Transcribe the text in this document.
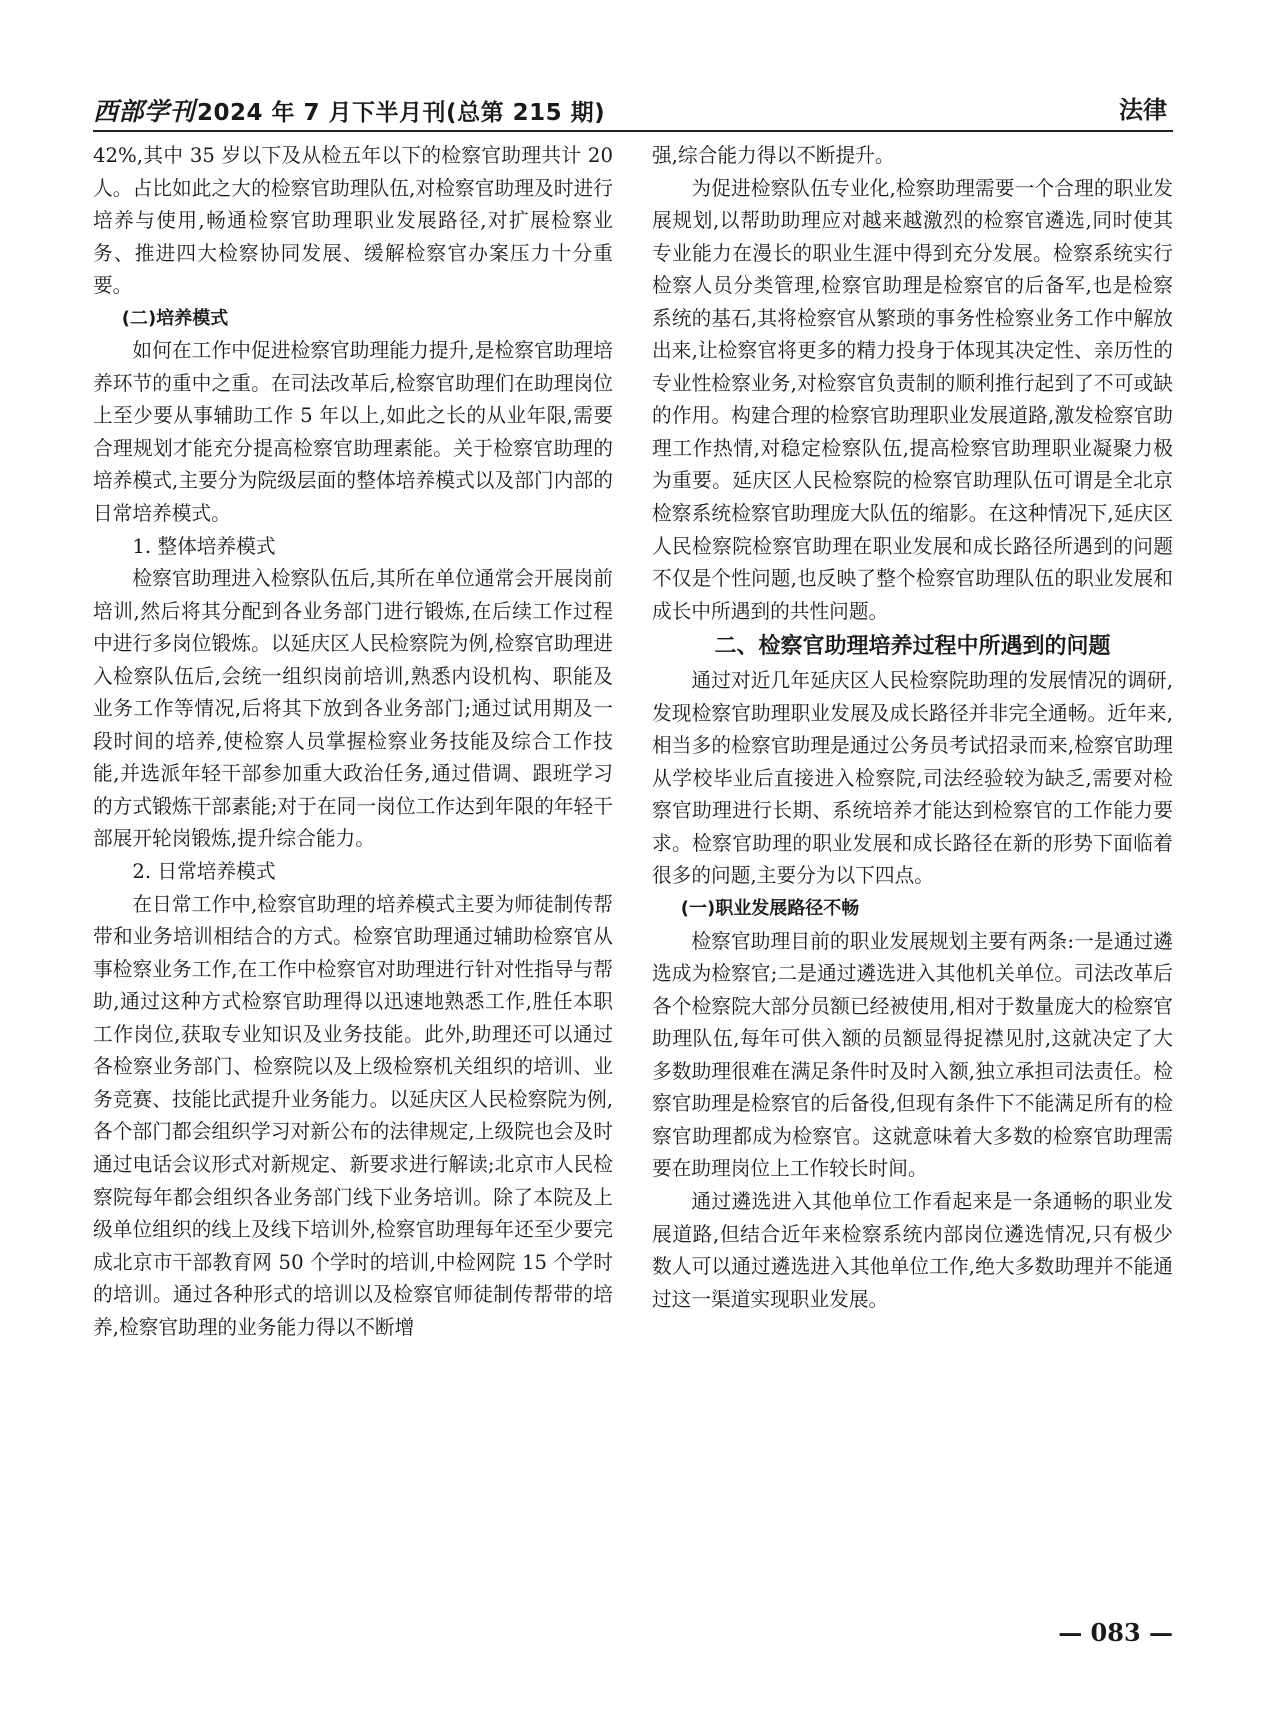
西部学刊2024 年 7 月下半月刊(总第 215 期)	法律

42%,其中 35 岁以下及从检五年以下的检察官助理共计 20 人。占比如此之大的检察官助理队伍,对检察官助理及时进行培养与使用,畅通检察官助理职业发展路径,对扩展检察业务、推进四大检察协同发展、缓解检察官办案压力十分重要。

(二)培养模式

如何在工作中促进检察官助理能力提升,是检察官助理培养环节的重中之重。在司法改革后,检察官助理们在助理岗位上至少要从事辅助工作 5 年以上,如此之长的从业年限,需要合理规划才能充分提高检察官助理素能。关于检察官助理的培养模式,主要分为院级层面的整体培养模式以及部门内部的日常培养模式。

1. 整体培养模式

检察官助理进入检察队伍后,其所在单位通常会开展岗前培训,然后将其分配到各业务部门进行锻炼,在后续工作过程中进行多岗位锻炼。以延庆区人民检察院为例,检察官助理进入检察队伍后,会统一组织岗前培训,熟悉内设机构、职能及业务工作等情况,后将其下放到各业务部门;通过试用期及一段时间的培养,使检察人员掌握检察业务技能及综合工作技能,并选派年轻干部参加重大政治任务,通过借调、跟班学习的方式锻炼干部素能;对于在同一岗位工作达到年限的年轻干部展开轮岗锻炼,提升综合能力。

2. 日常培养模式

在日常工作中,检察官助理的培养模式主要为师徒制传帮带和业务培训相结合的方式。检察官助理通过辅助检察官从事检察业务工作,在工作中检察官对助理进行针对性指导与帮助,通过这种方式检察官助理得以迅速地熟悉工作,胜任本职工作岗位,获取专业知识及业务技能。此外,助理还可以通过各检察业务部门、检察院以及上级检察机关组织的培训、业务竞赛、技能比武提升业务能力。以延庆区人民检察院为例,各个部门都会组织学习对新公布的法律规定,上级院也会及时通过电话会议形式对新规定、新要求进行解读;北京市人民检察院每年都会组织各业务部门线下业务培训。除了本院及上级单位组织的线上及线下培训外,检察官助理每年还至少要完成北京市干部教育网 50 个学时的培训,中检网院 15 个学时的培训。通过各种形式的培训以及检察官师徒制传帮带的培养,检察官助理的业务能力得以不断增

强,综合能力得以不断提升。

为促进检察队伍专业化,检察助理需要一个合理的职业发展规划,以帮助助理应对越来越激烈的检察官遴选,同时使其专业能力在漫长的职业生涯中得到充分发展。检察系统实行检察人员分类管理,检察官助理是检察官的后备军,也是检察系统的基石,其将检察官从繁琐的事务性检察业务工作中解放出来,让检察官将更多的精力投身于体现其决定性、亲历性的专业性检察业务,对检察官负责制的顺利推行起到了不可或缺的作用。构建合理的检察官助理职业发展道路,激发检察官助理工作热情,对稳定检察队伍,提高检察官助理职业凝聚力极为重要。延庆区人民检察院的检察官助理队伍可谓是全北京检察系统检察官助理庞大队伍的缩影。在这种情况下,延庆区人民检察院检察官助理在职业发展和成长路径所遇到的问题不仅是个性问题,也反映了整个检察官助理队伍的职业发展和成长中所遇到的共性问题。

二、检察官助理培养过程中所遇到的问题

通过对近几年延庆区人民检察院助理的发展情况的调研,发现检察官助理职业发展及成长路径并非完全通畅。近年来,相当多的检察官助理是通过公务员考试招录而来,检察官助理从学校毕业后直接进入检察院,司法经验较为缺乏,需要对检察官助理进行长期、系统培养才能达到检察官的工作能力要求。检察官助理的职业发展和成长路径在新的形势下面临着很多的问题,主要分为以下四点。

(一)职业发展路径不畅

检察官助理目前的职业发展规划主要有两条:一是通过遴选成为检察官;二是通过遴选进入其他机关单位。司法改革后各个检察院大部分员额已经被使用,相对于数量庞大的检察官助理队伍,每年可供入额的员额显得捉襟见肘,这就决定了大多数助理很难在满足条件时及时入额,独立承担司法责任。检察官助理是检察官的后备役,但现有条件下不能满足所有的检察官助理都成为检察官。这就意味着大多数的检察官助理需要在助理岗位上工作较长时间。

通过遴选进入其他单位工作看起来是一条通畅的职业发展道路,但结合近年来检察系统内部岗位遴选情况,只有极少数人可以通过遴选进入其他单位工作,绝大多数助理并不能通过这一渠道实现职业发展。

— 083 —
